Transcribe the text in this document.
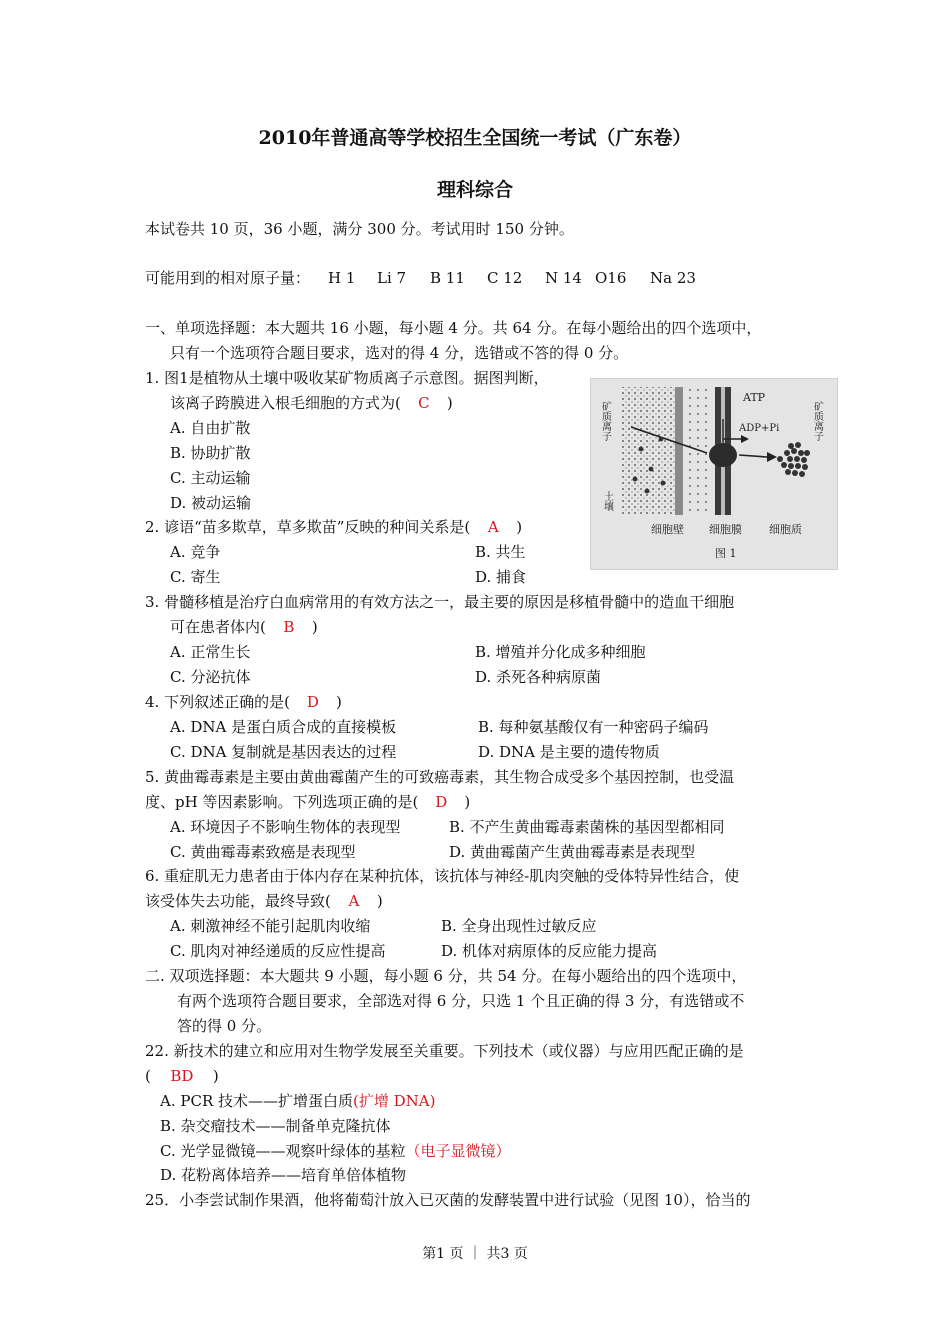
2010年普通高等学校招生全国统一考试（广东卷）
理科综合
本试卷共 10 页，36 小题，满分 300 分。考试用时 150 分钟。
可能用到的相对原子量： H 1 Li 7 B 11 C 12 N 14 O16 Na 23
一、单项选择题：本大题共 16 小题，每小题 4 分。共 64 分。在每小题给出的四个选项中，
只有一个选项符合题目要求，选对的得 4 分，选错或不答的得 0 分。
1. 图1是植物从土壤中吸收某矿物质离子示意图。据图判断，
该离子跨膜进入根毛细胞的方式为( C )
A. 自由扩散
B. 协助扩散
C. 主动运输
D. 被动运输
矿质离子	矿质离子
土壤
ATP
ADP+Pi
细胞壁 细胞膜 细胞质
图 1
2. 谚语“苗多欺草，草多欺苗”反映的种间关系是( A )
A. 竞争	B. 共生
C. 寄生	D. 捕食
3. 骨髓移植是治疗白血病常用的有效方法之一，最主要的原因是移植骨髓中的造血干细胞
可在患者体内( B )
A. 正常生长	B. 增殖并分化成多种细胞
C. 分泌抗体	D. 杀死各种病原菌
4. 下列叙述正确的是( D )
A. DNA 是蛋白质合成的直接模板	B. 每种氨基酸仅有一种密码子编码
C. DNA 复制就是基因表达的过程	D. DNA 是主要的遗传物质
5. 黄曲霉毒素是主要由黄曲霉菌产生的可致癌毒素，其生物合成受多个基因控制，也受温
度、pH 等因素影响。下列选项正确的是( D )
A. 环境因子不影响生物体的表现型	B. 不产生黄曲霉毒素菌株的基因型都相同
C. 黄曲霉毒素致癌是表现型	D. 黄曲霉菌产生黄曲霉毒素是表现型
6. 重症肌无力患者由于体内存在某种抗体，该抗体与神经-肌肉突触的受体特异性结合，使
该受体失去功能，最终导致( A )
A. 刺激神经不能引起肌肉收缩	B. 全身出现性过敏反应
C. 肌肉对神经递质的反应性提高	D. 机体对病原体的反应能力提高
二. 双项选择题：本大题共 9 小题，每小题 6 分，共 54 分。在每小题给出的四个选项中，
有两个选项符合题目要求，全部选对得 6 分，只选 1 个且正确的得 3 分，有选错或不
答的得 0 分。
22. 新技术的建立和应用对生物学发展至关重要。下列技术（或仪器）与应用匹配正确的是
( BD )
A. PCR 技术——扩增蛋白质(扩增 DNA)
B. 杂交瘤技术——制备单克隆抗体
C. 光学显微镜——观察叶绿体的基粒（电子显微镜）
D. 花粉离体培养——培育单倍体植物
25．小李尝试制作果酒，他将葡萄汁放入已灭菌的发酵装置中进行试验（见图 10），恰当的
第1 页 ｜ 共3 页
